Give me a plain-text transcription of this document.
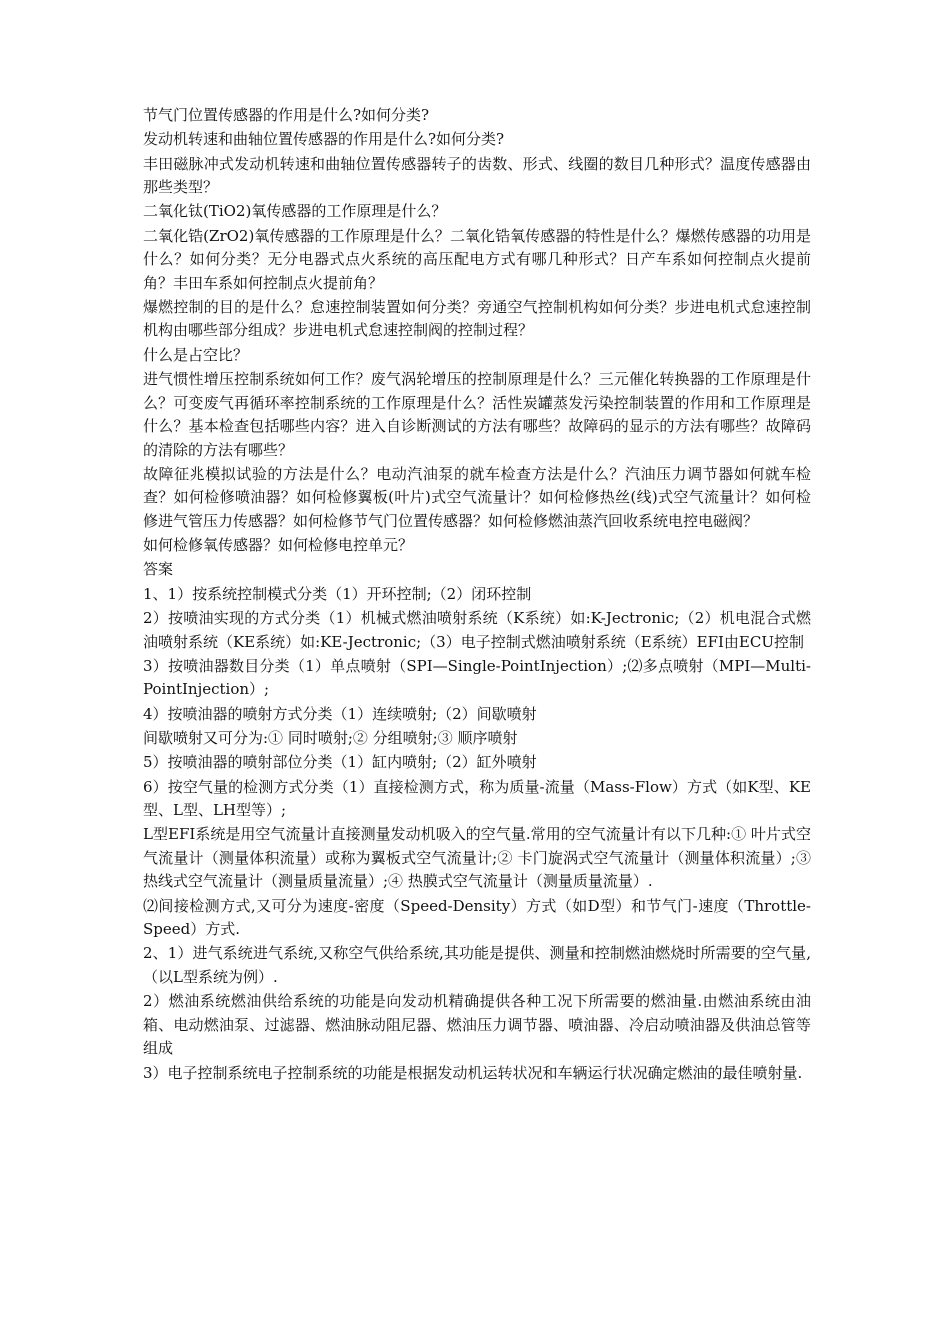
节气门位置传感器的作用是什么?如何分类?

发动机转速和曲轴位置传感器的作用是什么?如何分类?

丰田磁脉冲式发动机转速和曲轴位置传感器转子的齿数、形式、线圈的数目几种形式？温度传感器由那些类型？

二氧化钛(TiO2)氧传感器的工作原理是什么？

二氧化锆(ZrO2)氧传感器的工作原理是什么？二氧化锆氧传感器的特性是什么？爆燃传感器的功用是什么？如何分类？无分电器式点火系统的高压配电方式有哪几种形式？日产车系如何控制点火提前角？丰田车系如何控制点火提前角？

爆燃控制的目的是什么？怠速控制装置如何分类？旁通空气控制机构如何分类？步进电机式怠速控制机构由哪些部分组成？步进电机式怠速控制阀的控制过程？

什么是占空比？

进气惯性增压控制系统如何工作？废气涡轮增压的控制原理是什么？三元催化转换器的工作原理是什么？可变废气再循环率控制系统的工作原理是什么？活性炭罐蒸发污染控制装置的作用和工作原理是什么？基本检查包括哪些内容？进入自诊断测试的方法有哪些？故障码的显示的方法有哪些？故障码的清除的方法有哪些？

故障征兆模拟试验的方法是什么？电动汽油泵的就车检查方法是什么？汽油压力调节器如何就车检查？如何检修喷油器？如何检修翼板(叶片)式空气流量计？如何检修热丝(线)式空气流量计？如何检修进气管压力传感器？如何检修节气门位置传感器？如何检修燃油蒸汽回收系统电控电磁阀？

如何检修氧传感器？如何检修电控单元？

答案

1、1）按系统控制模式分类（1）开环控制;（2）闭环控制

2）按喷油实现的方式分类（1）机械式燃油喷射系统（K系统）如:K-Jectronic;（2）机电混合式燃油喷射系统（KE系统）如:KE-Jectronic;（3）电子控制式燃油喷射系统（E系统）EFI由ECU控制

3）按喷油器数目分类（1）单点喷射（SPI—Single-PointInjection）;⑵多点喷射（MPI—Multi-PointInjection）;

4）按喷油器的喷射方式分类（1）连续喷射;（2）间歇喷射

间歇喷射又可分为:① 同时喷射;② 分组喷射;③ 顺序喷射

5）按喷油器的喷射部位分类（1）缸内喷射;（2）缸外喷射

6）按空气量的检测方式分类（1）直接检测方式，称为质量-流量（Mass-Flow）方式（如K型、KE型、L型、LH型等）;

L型EFI系统是用空气流量计直接测量发动机吸入的空气量.常用的空气流量计有以下几种:① 叶片式空气流量计（测量体积流量）或称为翼板式空气流量计;② 卡门旋涡式空气流量计（测量体积流量）;③ 热线式空气流量计（测量质量流量）;④ 热膜式空气流量计（测量质量流量）.

⑵间接检测方式,又可分为速度-密度（Speed-Density）方式（如D型）和节气门-速度（Throttle-Speed）方式.

2、1）进气系统进气系统,又称空气供给系统,其功能是提供、测量和控制燃油燃烧时所需要的空气量,（以L型系统为例）.

2）燃油系统燃油供给系统的功能是向发动机精确提供各种工况下所需要的燃油量.由燃油系统由油箱、电动燃油泵、过滤器、燃油脉动阻尼器、燃油压力调节器、喷油器、冷启动喷油器及供油总管等组成

3）电子控制系统电子控制系统的功能是根据发动机运转状况和车辆运行状况确定燃油的最佳喷射量.
